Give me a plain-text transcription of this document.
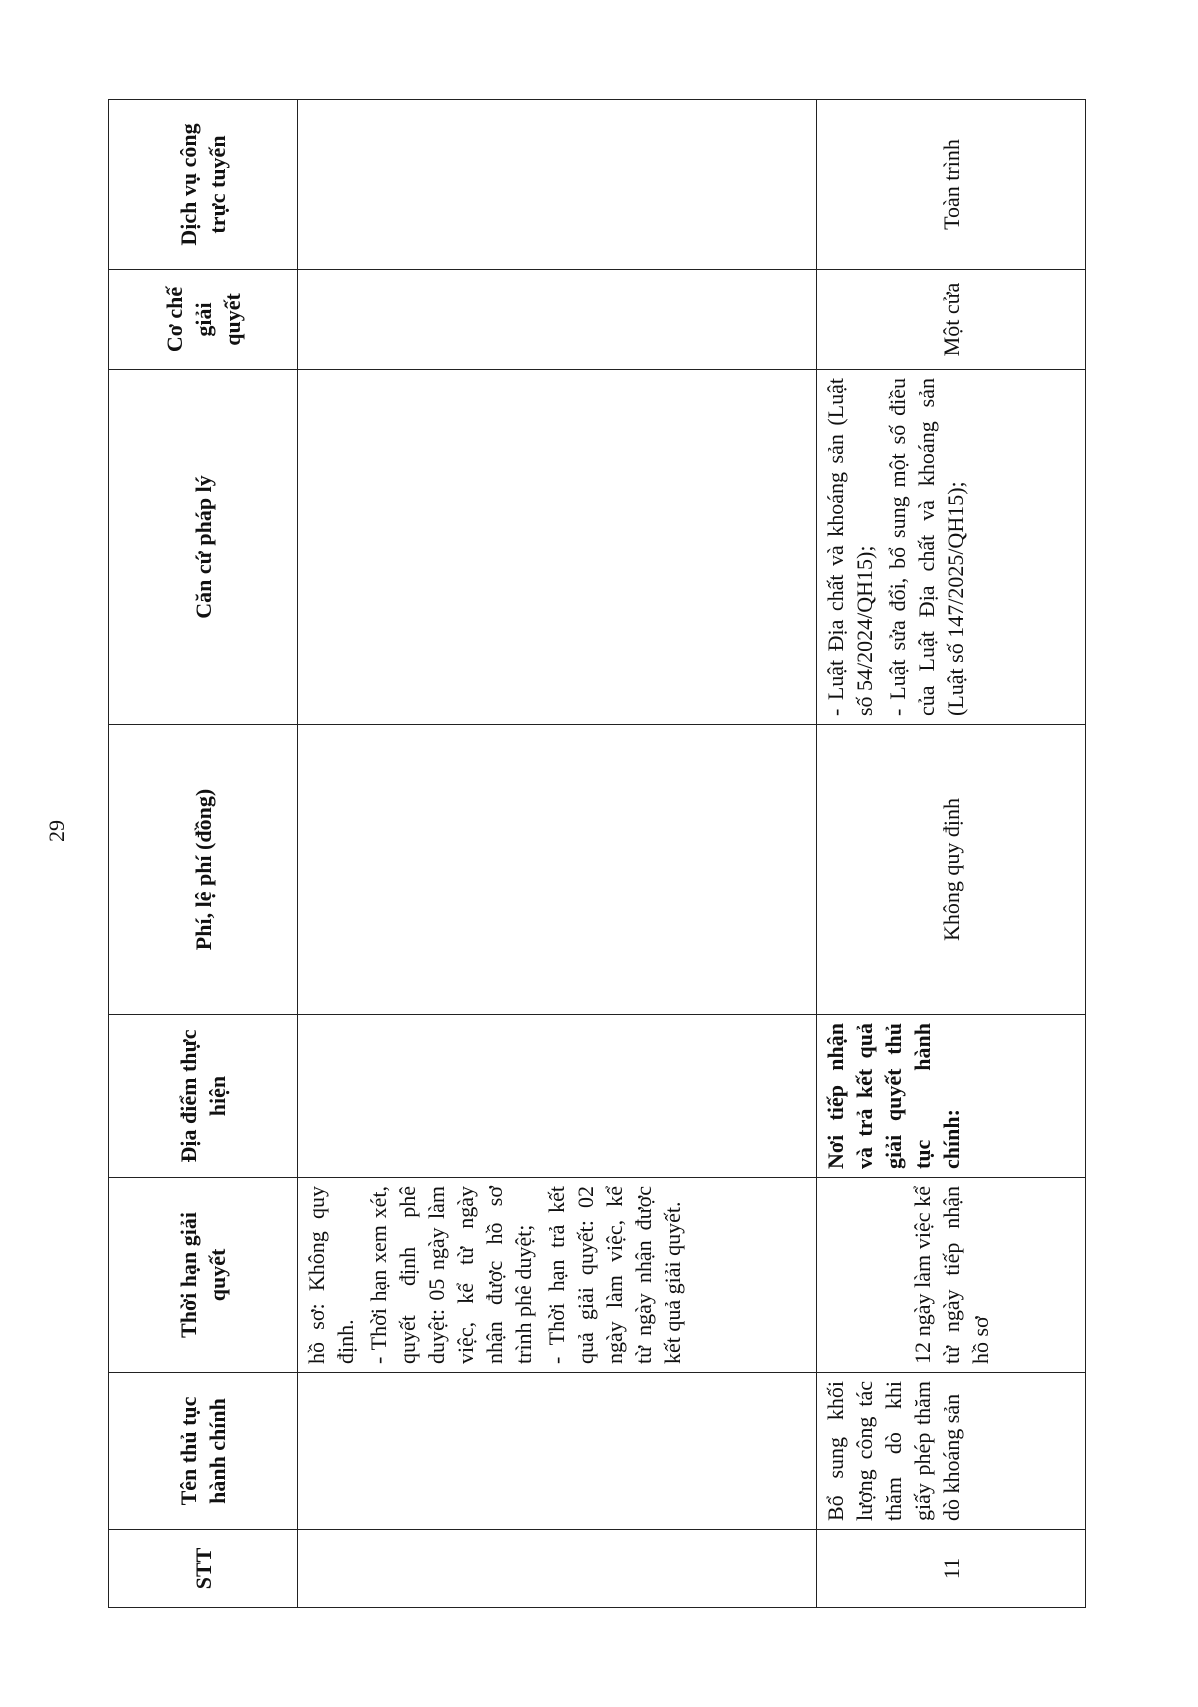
29
STT	Tên thủ tục hành chính	Thời hạn giải quyết	Địa điểm thực hiện	Phí, lệ phí (đồng)	Căn cứ pháp lý	Cơ chế giải quyết	Dịch vụ công trực tuyến

		hồ sơ: Không quy định. - Thời hạn xem xét, quyết định phê duyệt: 05 ngày làm việc, kể từ ngày nhận được hồ sơ trình phê duyệt; - Thời hạn trả kết quả giải quyết: 02 ngày làm việc, kể từ ngày nhận được kết quả giải quyết.					

11	Bổ sung khối lượng công tác thăm dò khi giấy phép thăm dò khoáng sản	12 ngày làm việc kể từ ngày tiếp nhận hồ sơ	Nơi tiếp nhận và trả kết quả giải quyết thủ tục hành chính:	Không quy định	- Luật Địa chất và khoáng sản (Luật số 54/2024/QH15); - Luật sửa đổi, bổ sung một số điều của Luật Địa chất và khoáng sản (Luật số 147/2025/QH15);	Một cửa	Toàn trình
